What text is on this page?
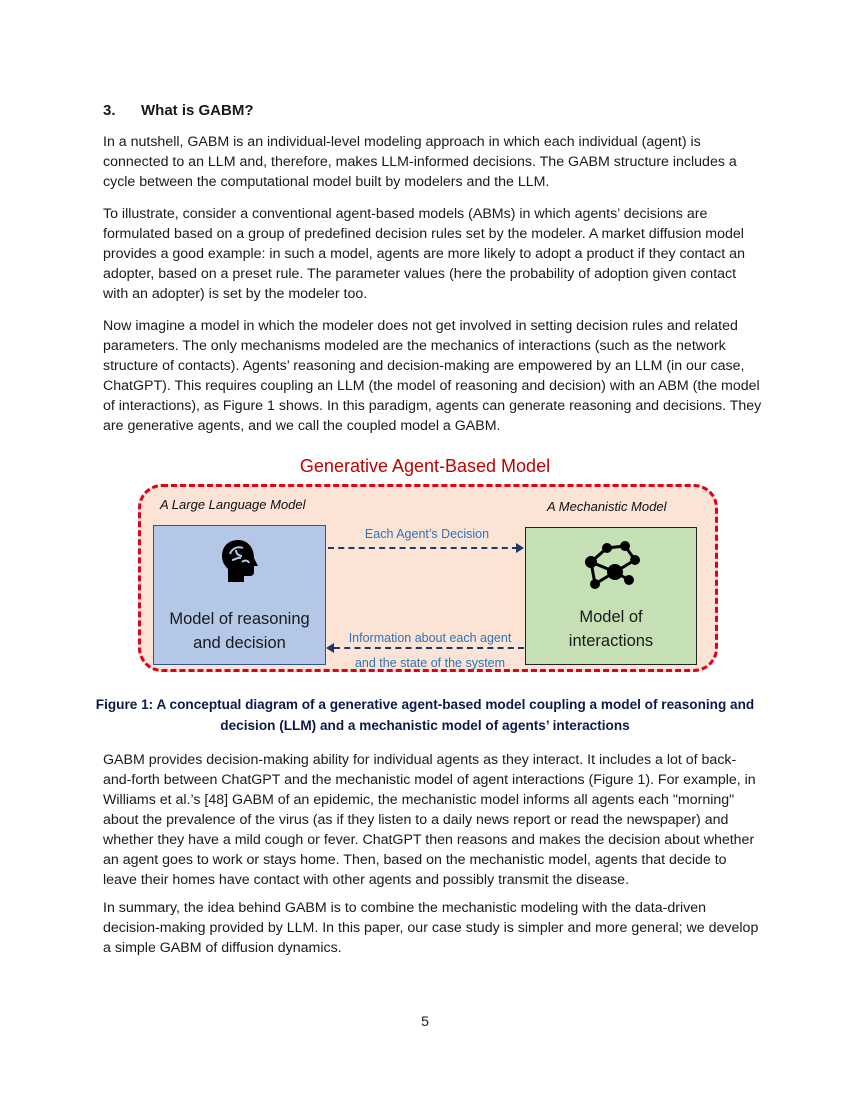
3. What is GABM?
In a nutshell, GABM is an individual-level modeling approach in which each individual (agent) is
connected to an LLM and, therefore, makes LLM-informed decisions. The GABM structure includes a
cycle between the computational model built by modelers and the LLM.
To illustrate, consider a conventional agent-based models (ABMs) in which agents’ decisions are
formulated based on a group of predefined decision rules set by the modeler. A market diffusion model
provides a good example: in such a model, agents are more likely to adopt a product if they contact an
adopter, based on a preset rule. The parameter values (here the probability of adoption given contact
with an adopter) is set by the modeler too.
Now imagine a model in which the modeler does not get involved in setting decision rules and related
parameters. The only mechanisms modeled are the mechanics of interactions (such as the network
structure of contacts). Agents’ reasoning and decision-making are empowered by an LLM (in our case,
ChatGPT). This requires coupling an LLM (the model of reasoning and decision) with an ABM (the model
of interactions), as Figure 1 shows. In this paradigm, agents can generate reasoning and decisions. They
are generative agents, and we call the coupled model a GABM.
Generative Agent-Based Model
A Large Language Model	A Mechanistic Model
Model of reasoning
and decision
Model of
interactions
Each Agent’s Decision
Information about each agent
and the state of the system
Figure 1: A conceptual diagram of a generative agent-based model coupling a model of reasoning and
decision (LLM) and a mechanistic model of agents’ interactions
GABM provides decision-making ability for individual agents as they interact. It includes a lot of back-
and-forth between ChatGPT and the mechanistic model of agent interactions (Figure 1). For example, in
Williams et al.’s [48] GABM of an epidemic, the mechanistic model informs all agents each "morning"
about the prevalence of the virus (as if they listen to a daily news report or read the newspaper) and
whether they have a mild cough or fever. ChatGPT then reasons and makes the decision about whether
an agent goes to work or stays home. Then, based on the mechanistic model, agents that decide to
leave their homes have contact with other agents and possibly transmit the disease.
In summary, the idea behind GABM is to combine the mechanistic modeling with the data-driven
decision-making provided by LLM. In this paper, our case study is simpler and more general; we develop
a simple GABM of diffusion dynamics.
5
